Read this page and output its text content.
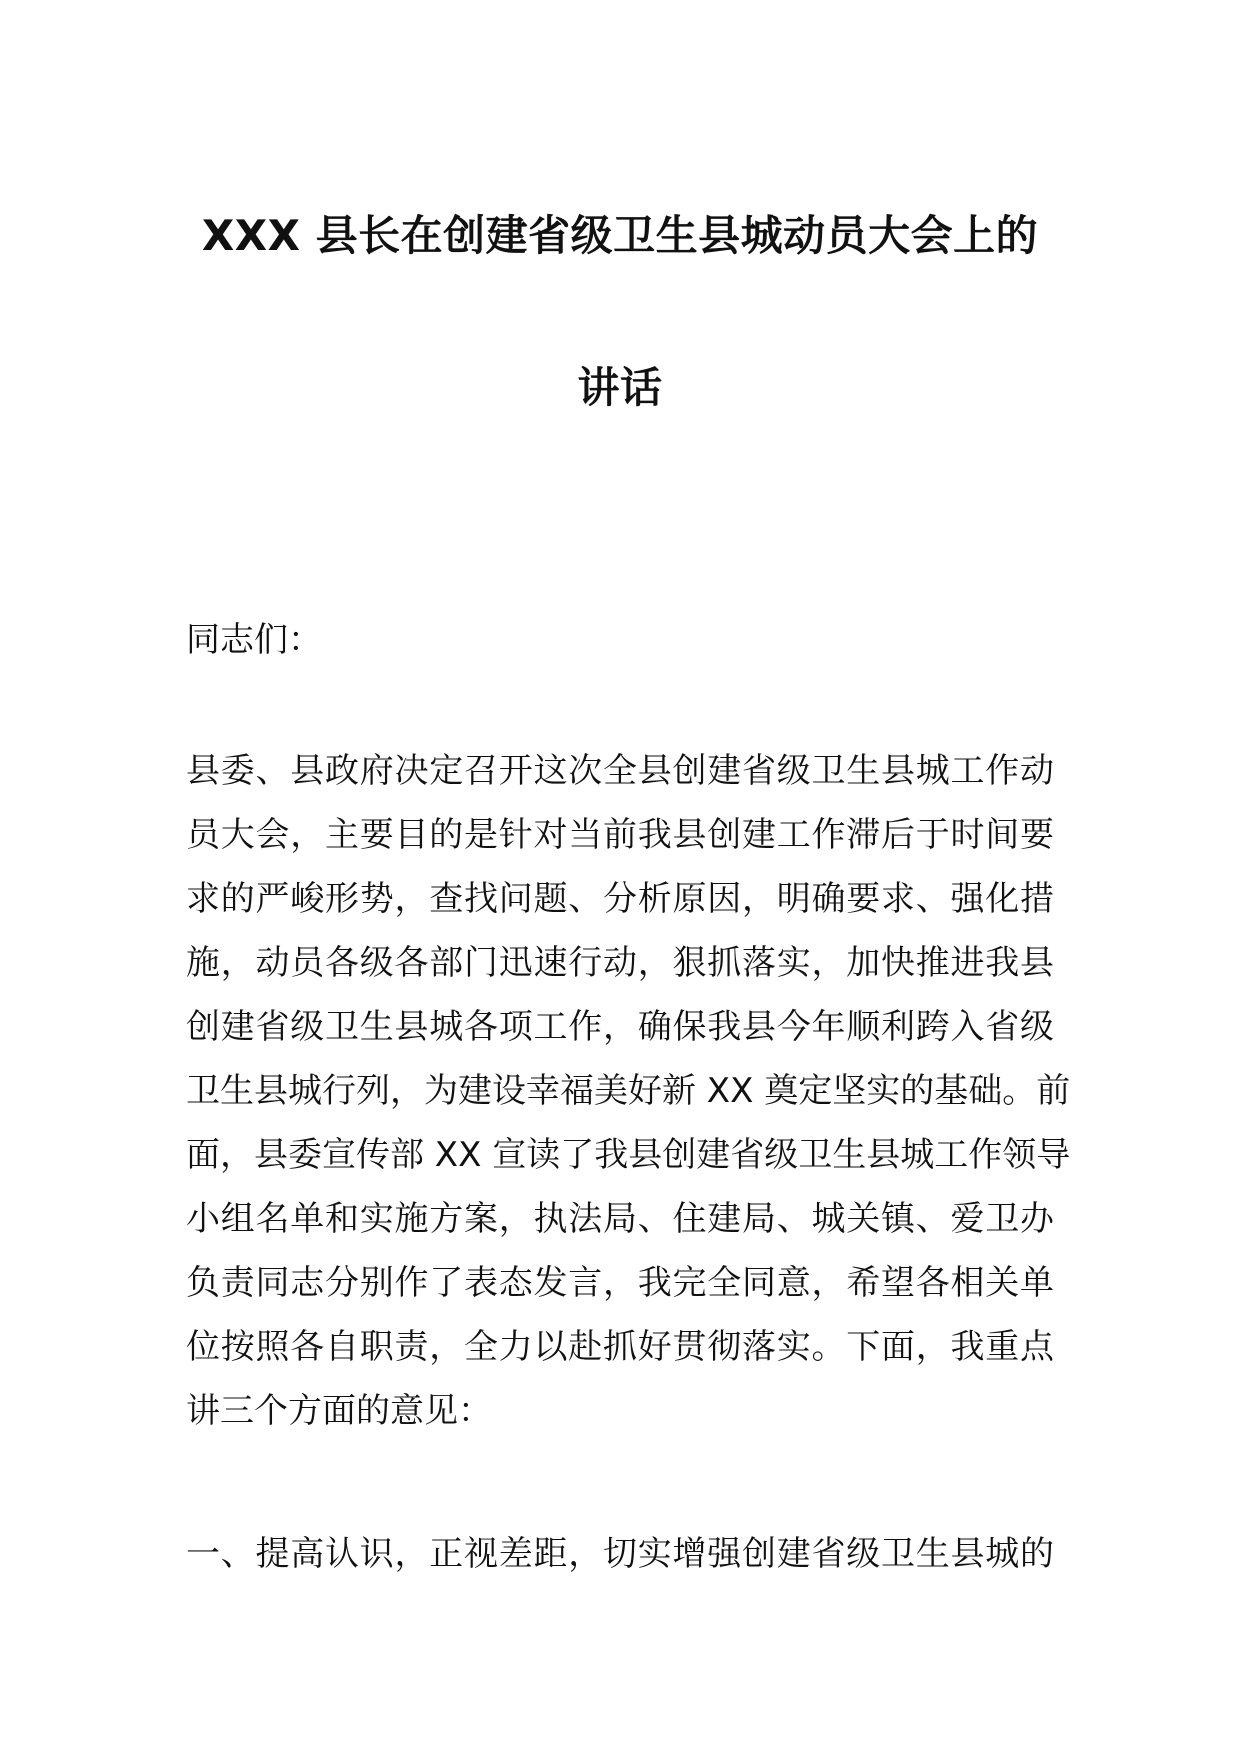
XXX 县长在创建省级卫生县城动员大会上的
讲话
同志们：
县委、县政府决定召开这次全县创建省级卫生县城工作动
员大会，主要目的是针对当前我县创建工作滞后于时间要
求的严峻形势，查找问题、分析原因，明确要求、强化措
施，动员各级各部门迅速行动，狠抓落实，加快推进我县
创建省级卫生县城各项工作，确保我县今年顺利跨入省级
卫生县城行列，为建设幸福美好新 XX 奠定坚实的基础。前
面，县委宣传部 XX 宣读了我县创建省级卫生县城工作领导
小组名单和实施方案，执法局、住建局、城关镇、爱卫办
负责同志分别作了表态发言，我完全同意，希望各相关单
位按照各自职责，全力以赴抓好贯彻落实。下面，我重点
讲三个方面的意见：
一、提高认识，正视差距，切实增强创建省级卫生县城的
